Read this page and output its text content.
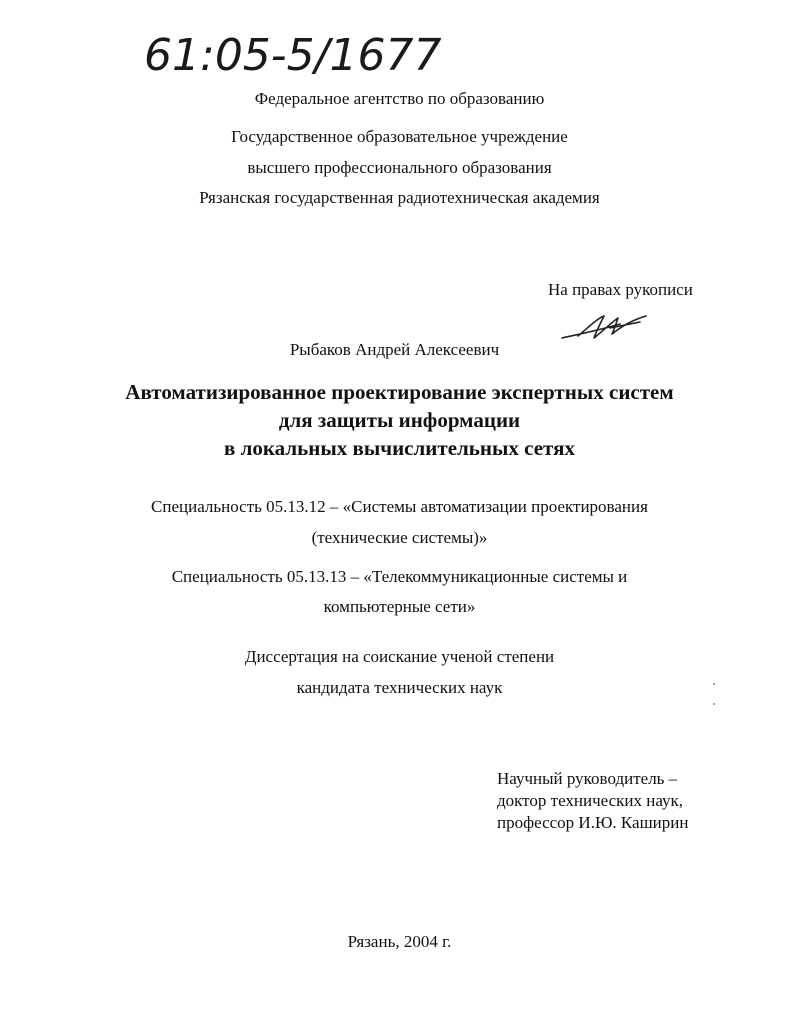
61:05-5/1677
Федеральное агентство по образованию
Государственное образовательное учреждение
высшего профессионального образования
Рязанская государственная радиотехническая академия
На правах рукописи
Рыбаков Андрей Алексеевич
Автоматизированное проектирование экспертных систем
для защиты информации
в локальных вычислительных сетях
Специальность 05.13.12 – «Системы автоматизации проектирования
(технические системы)»
Специальность 05.13.13 – «Телекоммуникационные системы и
компьютерные сети»
Диссертация на соискание ученой степени
кандидата технических наук
Научный руководитель –
доктор технических наук,
профессор И.Ю. Каширин
Рязань, 2004 г.
